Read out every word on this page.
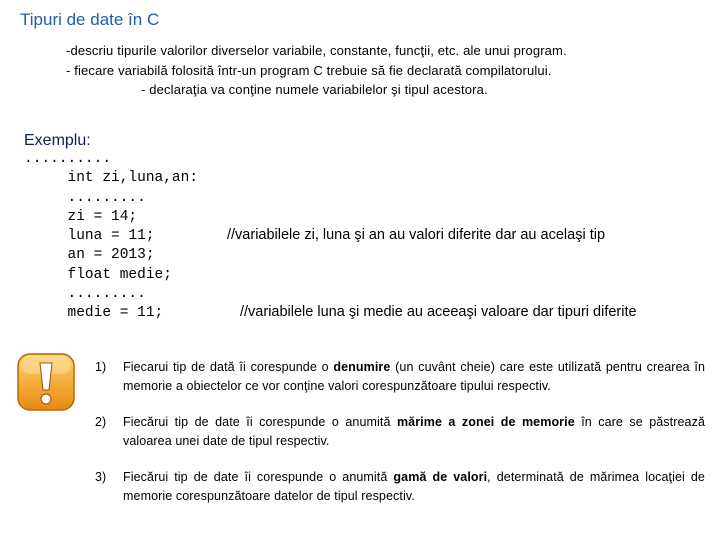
Tipuri de date în C
-descriu tipurile valorilor diverselor variabile, constante, funcţii, etc. ale unui program.
- fiecare variabilă folosită într-un program C trebuie să fie declarată compilatorului.
- declaraţia va conţine numele variabilelor şi tipul acestora.
Exemplu:
..........
int zi,luna,an:
.........
zi = 14;
luna = 11;
an = 2013;
float medie;
.........
medie = 11;
//variabilele zi, luna şi an au valori diferite dar au acelaşi tip
//variabilele luna şi medie au aceeaşi valoare dar tipuri diferite
1)	Fiecarui tip de dată îi corespunde o denumire (un cuvânt cheie) care este utilizată pentru crearea în memorie a obiectelor ce vor conţine valori corespunzătoare tipului respectiv.
2)	Fiecărui tip de date îi corespunde o anumită mărime a zonei de memorie în care se păstrează valoarea unei date de tipul respectiv.
3)	Fiecărui tip de date îi corespunde o anumită gamă de valori, determinată de mărimea locaţiei de memorie corespunzătoare datelor de tipul respectiv.
